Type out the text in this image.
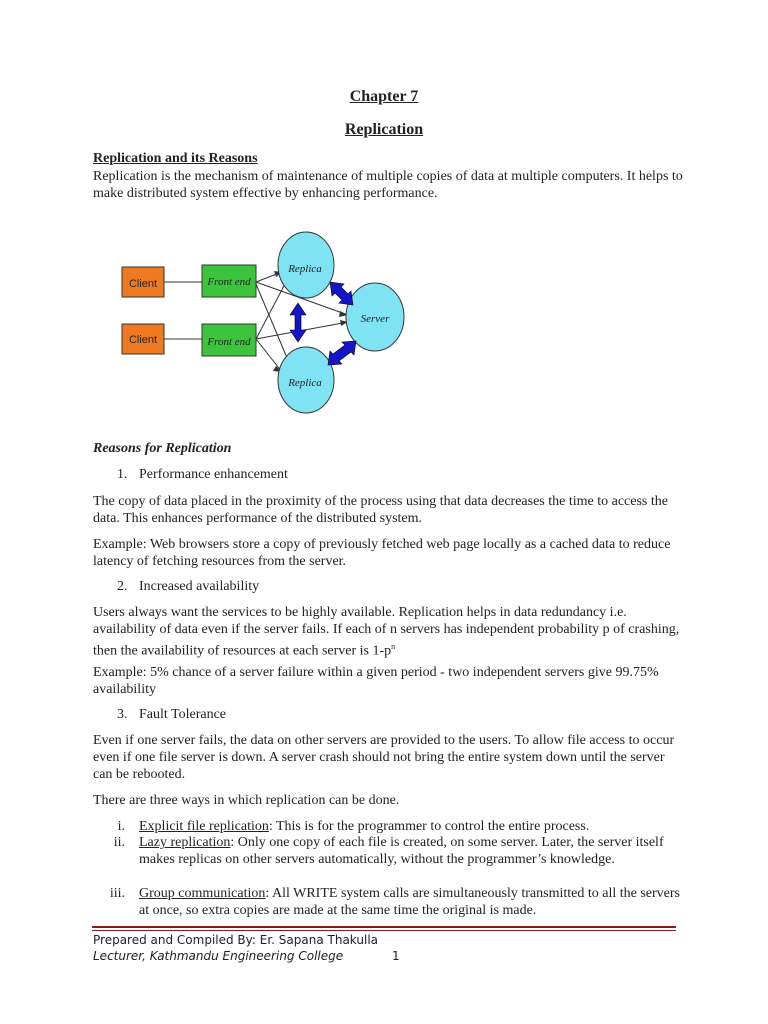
Chapter 7
Replication
Replication and its Reasons
Replication is the mechanism of maintenance of multiple copies of data at multiple computers. It helps to make distributed system effective by enhancing performance.
Client
Client
Front end
Front end
Replica
Replica
Server
Reasons for Replication
1. Performance enhancement
The copy of data placed in the proximity of the process using that data decreases the time to access the data. This enhances performance of the distributed system.
Example: Web browsers store a copy of previously fetched web page locally as a cached data to reduce latency of fetching resources from the server.
2. Increased availability
Users always want the services to be highly available. Replication helps in data redundancy i.e. availability of data even if the server fails. If each of n servers has independent probability p of crashing, then the availability of resources at each server is $1-p^n$
Example: 5% chance of a server failure within a given period - two independent servers give 99.75% availability
3. Fault Tolerance
Even if one server fails, the data on other servers are provided to the users. To allow file access to occur even if one file server is down. A server crash should not bring the entire system down until the server can be rebooted.
There are three ways in which replication can be done.
i. Explicit file replication: This is for the programmer to control the entire process.
ii. Lazy replication: Only one copy of each file is created, on some server. Later, the server itself makes replicas on other servers automatically, without the programmer’s knowledge.
iii. Group communication: All WRITE system calls are simultaneously transmitted to all the servers at once, so extra copies are made at the same time the original is made.
Prepared and Compiled By: Er. Sapana Thakulla
Lecturer, Kathmandu Engineering College	1
